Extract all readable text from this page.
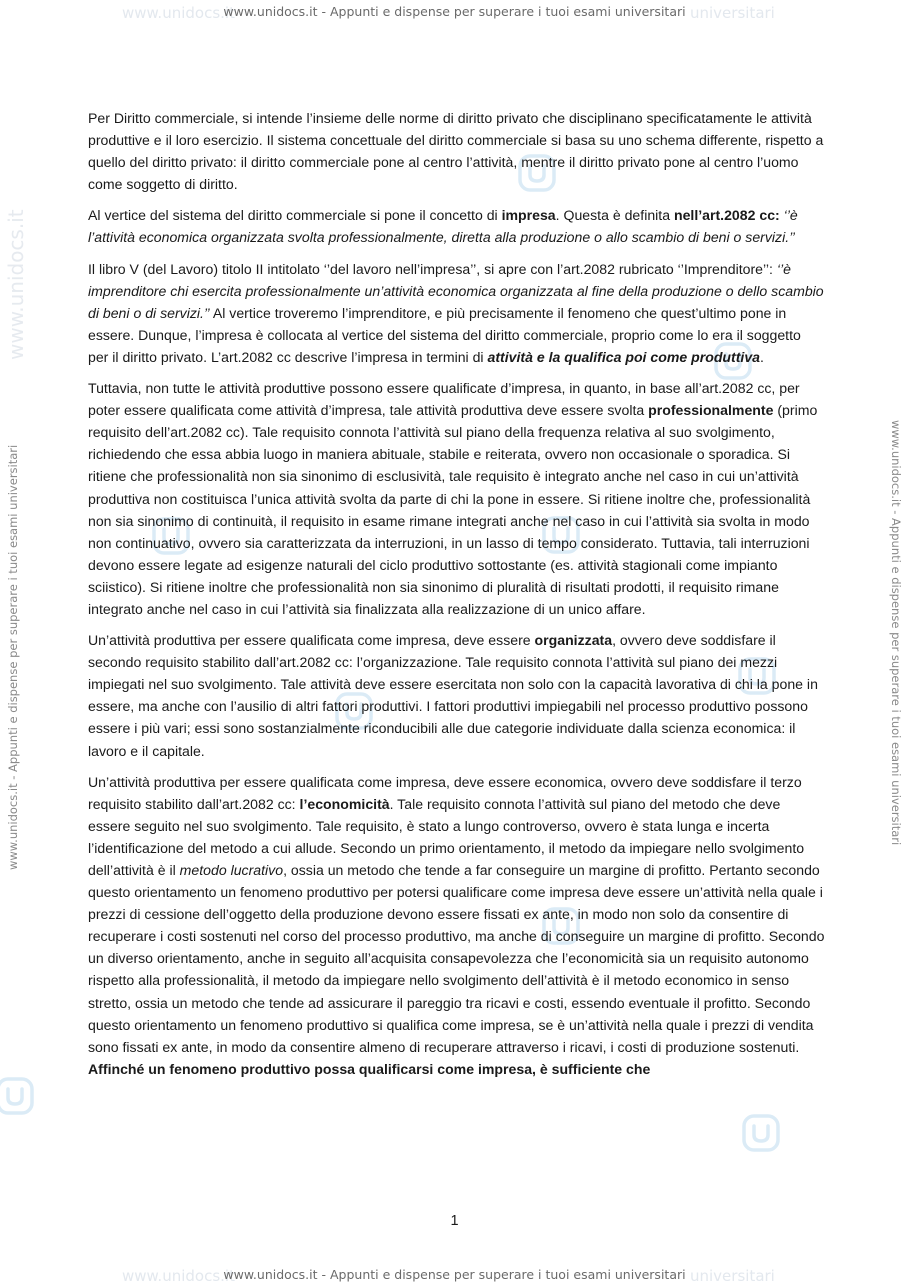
www.unidocs.it	universitari
www.unidocs.it	universitari
www.unidocs.it
www.unidocs.it - Appunti e dispense per superare i tuoi esami universitari
www.unidocs.it - Appunti e dispense per superare i tuoi esami universitari
www.unidocs.it - Appunti e dispense per superare i tuoi esami universitari	www.unidocs.it - Appunti e dispense per superare i tuoi esami universitari

Per Diritto commerciale, si intende l’insieme delle norme di diritto privato che disciplinano specificatamente le attività produttive e il loro esercizio. Il sistema concettuale del diritto commerciale si basa su uno schema differente, rispetto a quello del diritto privato: il diritto commerciale pone al centro l’attività, mentre il diritto privato pone al centro l’uomo come soggetto di diritto.

Al vertice del sistema del diritto commerciale si pone il concetto di impresa. Questa è definita nell’art.2082 cc: ‘’è l’attività economica organizzata svolta professionalmente, diretta alla produzione o allo scambio di beni o servizi.’’

Il libro V (del Lavoro) titolo II intitolato ‘’del lavoro nell’impresa’’, si apre con l’art.2082 rubricato ‘’Imprenditore’’: ‘’è imprenditore chi esercita professionalmente un’attività economica organizzata al fine della produzione o dello scambio di beni o di servizi.’’ Al vertice troveremo l’imprenditore, e più precisamente il fenomeno che quest’ultimo pone in essere. Dunque, l’impresa è collocata al vertice del sistema del diritto commerciale, proprio come lo era il soggetto per il diritto privato. L’art.2082 cc descrive l’impresa in termini di attività e la qualifica poi come produttiva.

Tuttavia, non tutte le attività produttive possono essere qualificate d’impresa, in quanto, in base all’art.2082 cc, per poter essere qualificata come attività d’impresa, tale attività produttiva deve essere svolta professionalmente (primo requisito dell’art.2082 cc). Tale requisito connota l’attività sul piano della frequenza relativa al suo svolgimento, richiedendo che essa abbia luogo in maniera abituale, stabile e reiterata, ovvero non occasionale o sporadica. Si ritiene che professionalità non sia sinonimo di esclusività, tale requisito è integrato anche nel caso in cui un’attività produttiva non costituisca l’unica attività svolta da parte di chi la pone in essere. Si ritiene inoltre che, professionalità non sia sinonimo di continuità, il requisito in esame rimane integrati anche nel caso in cui l’attività sia svolta in modo non continuativo, ovvero sia caratterizzata da interruzioni, in un lasso di tempo considerato. Tuttavia, tali interruzioni devono essere legate ad esigenze naturali del ciclo produttivo sottostante (es. attività stagionali come impianto sciistico). Si ritiene inoltre che professionalità non sia sinonimo di pluralità di risultati prodotti, il requisito rimane integrato anche nel caso in cui l’attività sia finalizzata alla realizzazione di un unico affare.

Un’attività produttiva per essere qualificata come impresa, deve essere organizzata, ovvero deve soddisfare il secondo requisito stabilito dall’art.2082 cc: l’organizzazione. Tale requisito connota l’attività sul piano dei mezzi impiegati nel suo svolgimento. Tale attività deve essere esercitata non solo con la capacità lavorativa di chi la pone in essere, ma anche con l’ausilio di altri fattori produttivi. I fattori produttivi impiegabili nel processo produttivo possono essere i più vari; essi sono sostanzialmente riconducibili alle due categorie individuate dalla scienza economica: il lavoro e il capitale.

Un’attività produttiva per essere qualificata come impresa, deve essere economica, ovvero deve soddisfare il terzo requisito stabilito dall’art.2082 cc: l’economicità. Tale requisito connota l’attività sul piano del metodo che deve essere seguito nel suo svolgimento. Tale requisito, è stato a lungo controverso, ovvero è stata lunga e incerta l’identificazione del metodo a cui allude. Secondo un primo orientamento, il metodo da impiegare nello svolgimento dell’attività è il metodo lucrativo, ossia un metodo che tende a far conseguire un margine di profitto. Pertanto secondo questo orientamento un fenomeno produttivo per potersi qualificare come impresa deve essere un’attività nella quale i prezzi di cessione dell’oggetto della produzione devono essere fissati ex ante, in modo non solo da consentire di recuperare i costi sostenuti nel corso del processo produttivo, ma anche di conseguire un margine di profitto. Secondo un diverso orientamento, anche in seguito all’acquisita consapevolezza che l’economicità sia un requisito autonomo rispetto alla professionalità, il metodo da impiegare nello svolgimento dell’attività è il metodo economico in senso stretto, ossia un metodo che tende ad assicurare il pareggio tra ricavi e costi, essendo eventuale il profitto. Secondo questo orientamento un fenomeno produttivo si qualifica come impresa, se è un’attività nella quale i prezzi di vendita sono fissati ex ante, in modo da consentire almeno di recuperare attraverso i ricavi, i costi di produzione sostenuti. Affinché un fenomeno produttivo possa qualificarsi come impresa, è sufficiente che

1
